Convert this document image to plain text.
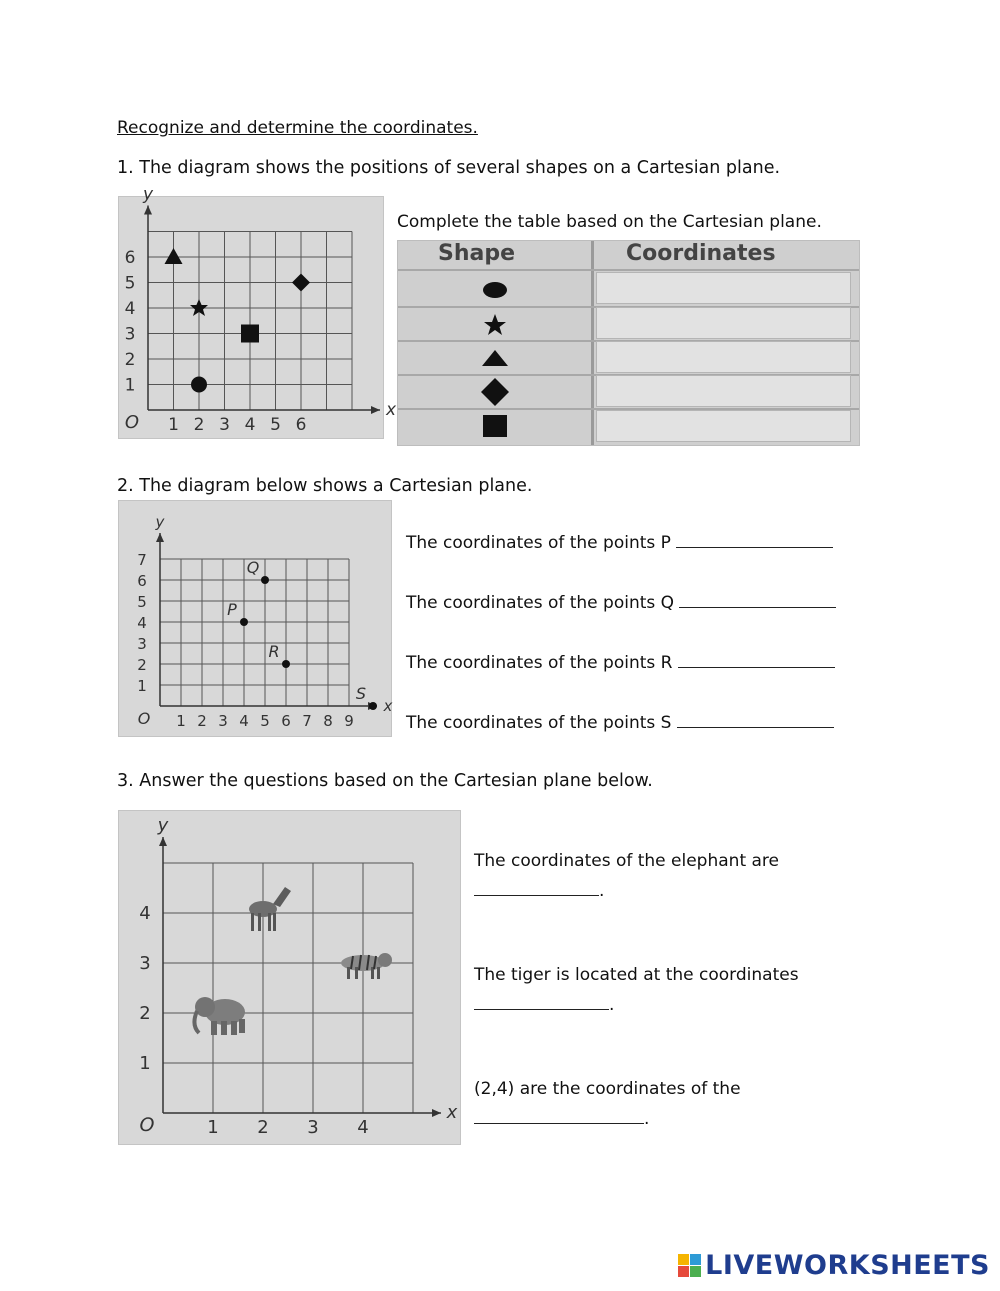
Recognize and determine the coordinates.
1. The diagram shows the positions of several shapes on a Cartesian plane.
x
y
O 1 2 3 4 5 6
1
2
3
4
5
6
Complete the table based on the Cartesian plane.
Shape	Coordinates
2. The diagram below shows a Cartesian plane.
x
y
O 1 2 3 4 5 6 7 8 9
1
2
3
4
5
6
7	Q
P
R
S
The coordinates of the points P
The coordinates of the points Q
The coordinates of the points R
The coordinates of the points S
3. Answer the questions based on the Cartesian plane below.
x
y
O	1 2 3 4
1
2
3
4
The coordinates of the elephant are
.
The tiger is located at the coordinates
.
(2,4) are the coordinates of the
.
LIVEWORKSHEETS
